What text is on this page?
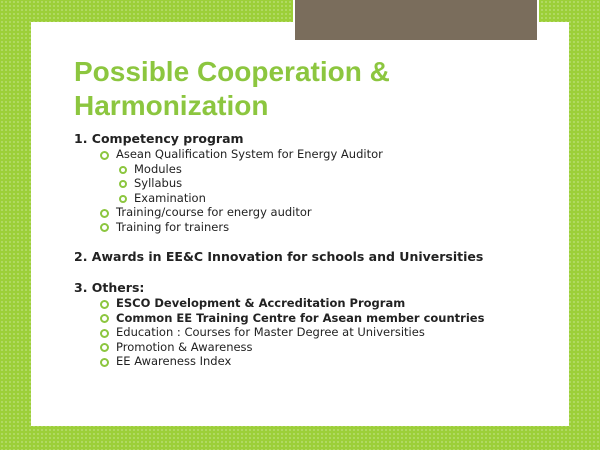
Possible Cooperation & Harmonization

1. Competency program

Asean Qualification System for Energy Auditor

Modules

Syllabus

Examination

Training/course for energy auditor

Training for trainers

2. Awards in EE&C Innovation for schools and Universities

3. Others:

ESCO Development & Accreditation Program

Common EE Training Centre for Asean member countries

Education : Courses for Master Degree at Universities

Promotion & Awareness

EE Awareness Index
